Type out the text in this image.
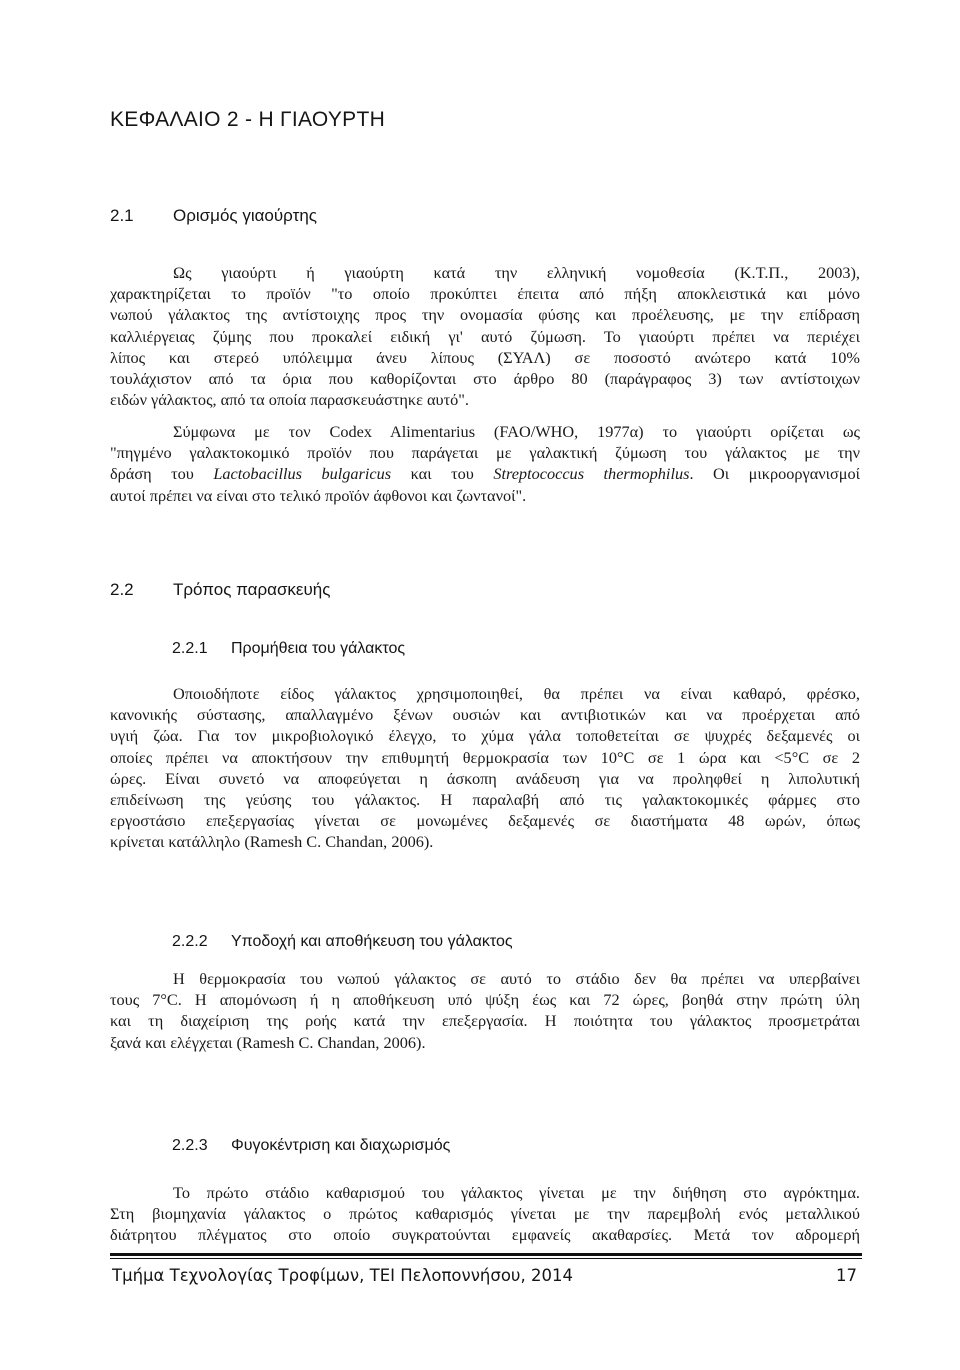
ΚΕΦΑΛΑΙΟ 2 - Η ΓΙΑΟΥΡΤΗ
2.1 Ορισμός γιαούρτης
Ως γιαούρτι ή γιαούρτη κατά την ελληνική νομοθεσία (Κ.Τ.Π., 2003),
χαρακτηρίζεται το προϊόν "το οποίο προκύπτει έπειτα από πήξη αποκλειστικά και μόνο
νωπού γάλακτος της αντίστοιχης προς την ονομασία φύσης και προέλευσης, με την επίδραση
καλλιέργειας ζύμης που προκαλεί ειδική γι' αυτό ζύμωση. Το γιαούρτι πρέπει να περιέχει
λίπος και στερεό υπόλειμμα άνευ λίπους (ΣΥΑΛ) σε ποσοστό ανώτερο κατά 10%
τουλάχιστον από τα όρια που καθορίζονται στο άρθρο 80 (παράγραφος 3) των αντίστοιχων
ειδών γάλακτος, από τα οποία παρασκευάστηκε αυτό".
Σύμφωνα με τον Codex Alimentarius (FAO/WHO, 1977α) το γιαούρτι ορίζεται ως
"πηγμένο γαλακτοκομικό προϊόν που παράγεται με γαλακτική ζύμωση του γάλακτος με την
δράση του Lactobacillus bulgaricus και του Streptococcus thermophilus. Οι μικροοργανισμοί
αυτοί πρέπει να είναι στο τελικό προϊόν άφθονοι και ζωντανοί".
2.2 Τρόπος παρασκευής
2.2.1 Προμήθεια του γάλακτος
Οποιοδήποτε είδος γάλακτος χρησιμοποιηθεί, θα πρέπει να είναι καθαρό, φρέσκο,
κανονικής σύστασης, απαλλαγμένο ξένων ουσιών και αντιβιοτικών και να προέρχεται από
υγιή ζώα. Για τον μικροβιολογικό έλεγχο, το χύμα γάλα τοποθετείται σε ψυχρές δεξαμενές οι
οποίες πρέπει να αποκτήσουν την επιθυμητή θερμοκρασία των 10°C σε 1 ώρα και <5°C σε 2
ώρες. Είναι συνετό να αποφεύγεται η άσκοπη ανάδευση για να προληφθεί η λιπολυτική
επιδείνωση της γεύσης του γάλακτος. Η παραλαβή από τις γαλακτοκομικές φάρμες στο
εργοστάσιο επεξεργασίας γίνεται σε μονωμένες δεξαμενές σε διαστήματα 48 ωρών, όπως
κρίνεται κατάλληλο (Ramesh C. Chandan, 2006).
2.2.2 Υποδοχή και αποθήκευση του γάλακτος
Η θερμοκρασία του νωπού γάλακτος σε αυτό το στάδιο δεν θα πρέπει να υπερβαίνει
τους 7°C. Η απομόνωση ή η αποθήκευση υπό ψύξη έως και 72 ώρες, βοηθά στην πρώτη ύλη
και τη διαχείριση της ροής κατά την επεξεργασία. Η ποιότητα του γάλακτος προσμετράται
ξανά και ελέγχεται (Ramesh C. Chandan, 2006).
2.2.3 Φυγοκέντριση και διαχωρισμός
Το πρώτο στάδιο καθαρισμού του γάλακτος γίνεται με την διήθηση στο αγρόκτημα.
Στη βιομηχανία γάλακτος ο πρώτος καθαρισμός γίνεται με την παρεμβολή ενός μεταλλικού
διάτρητου πλέγματος στο οποίο συγκρατούνται εμφανείς ακαθαρσίες. Μετά τον αδρομερή
Τμήμα Τεχνολογίας Τροφίμων, ΤΕΙ Πελοποννήσου, 2014	17
